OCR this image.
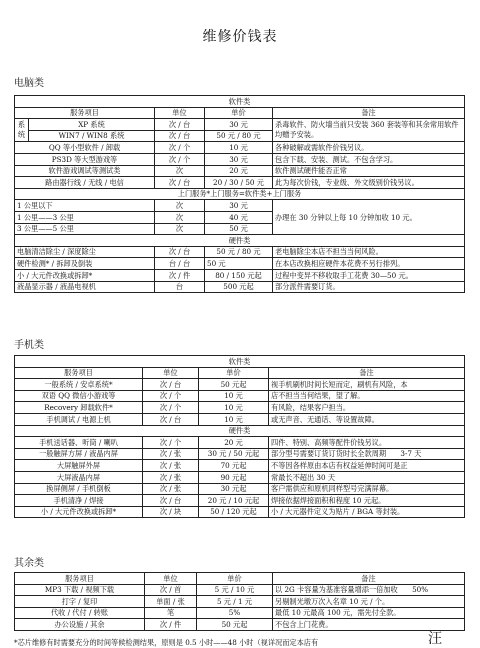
维修价钱表
电脑类
软件类				
服务项目		单位	单价	备注
系统	XP 系统	次 / 台	30 元	杀毒软件、防火墙当前只安装 360 套装等和其余常用软件均赠予安装。
	WIN7 / WIN8 系统	次 / 台	50 元 / 80 元	
QQ 等小型软件 / 卸载		次 / 个	10 元	各种破解或需软件价钱另议。
PS3D 等大型游戏等		次 / 个	30 元	包含下载、安装、测试。不包含学习。
软件游戏调试等测试类		次	20 元	软件测试硬件能否正常
路由器行线 / 无线 / 电信		次 / 台	20 / 30 / 50 元	此为每次价钱，专业级、外文级别价钱另议。
上门服务*上门服务=软件类+上门服务				
1 公里以下		次	30 元	办理在 30 分钟以上每 10 分钟加收 10 元。
1 公里——3 公里		次	40 元	
3 公里——5 公里		次	50 元	
硬件类				
电脑清洁除尘 / 深度除尘		次 / 台	50 元 / 80 元	老电脑除尘本店不担当当何风险。
硬件检测* / 拆卸及倒装		台 / 台	50 元	在本店改换相应硬件本花费不另行排列。
小 / 大元件改换或拆卸*		次 / 件	80 / 150 元起	过程中变异不移收取手工花费 30—50 元。
液晶显示器 / 液晶电视机		台	500 元起	部分派件需要订货。
手机类
软件类			
服务项目	单位	单价	备注
一般系统 / 安卓系统*	次 / 台	50 元起	视手机刷机时间长短而定，刷机有风险，本
双语 QQ 微信小游戏等	次 / 个	10 元	店不担当当何结果，望了解。
Recovery 卸载软件*	次 / 个	10 元	有风险，结果客户担当。
手机调试 / 电源上机	次 / 台	10 元	或无声音、无通话、等设置故障。
硬件类			
手机送话器、听筒 / 喇叭	次 / 个	20 元	四件、特别、高频等配件价钱另议。
一般触屏方屏 / 液晶内屏	次 / 张	30 元 / 50 元起	部分型号需要订货订货时长全款周期　　3-7 天
大屏触屏外屏	次 / 张	70 元起	不等因各样原由本店有权益延伸时间可是正
大屏液晶内屏	次 / 张	90 元起	常最长不超出 30 天
换屏侧屏 / 手机倒板	次 / 张	30 元起	客户需供应和原机同样型号完满屏幕。
手机清净 / 焊接	次 / 台	20 元 / 10 元起	焊接依据焊接面积和程度 10 元起。
小 / 大元件改换或拆卸*	次 / 块	50 / 120 元起	小 / 大元器件定义为贴片 / BGA 等封装。
其余类
服务项目	单位	单价	备注
MP3 下载 / 视频下载	次 / 首	5 元 / 10 元	以 2G 卡容量为基准容量增添一倍加收　　50%
打字 / 复印	单面 / 张	5 元 / 1 元	另剔制光墩万次入名章 10 元 / 个。
代收 / 代付 / 转账	笔	5%	最低 10 元最高 100 元，需先付全款。
办公设施 / 其余	次 / 件	50 元起	不包含上门花费。
*芯片维修有时需要充分的时间等候检测结果，原则是 0.5 小时——48 小时（视详况而定本店有	汪
